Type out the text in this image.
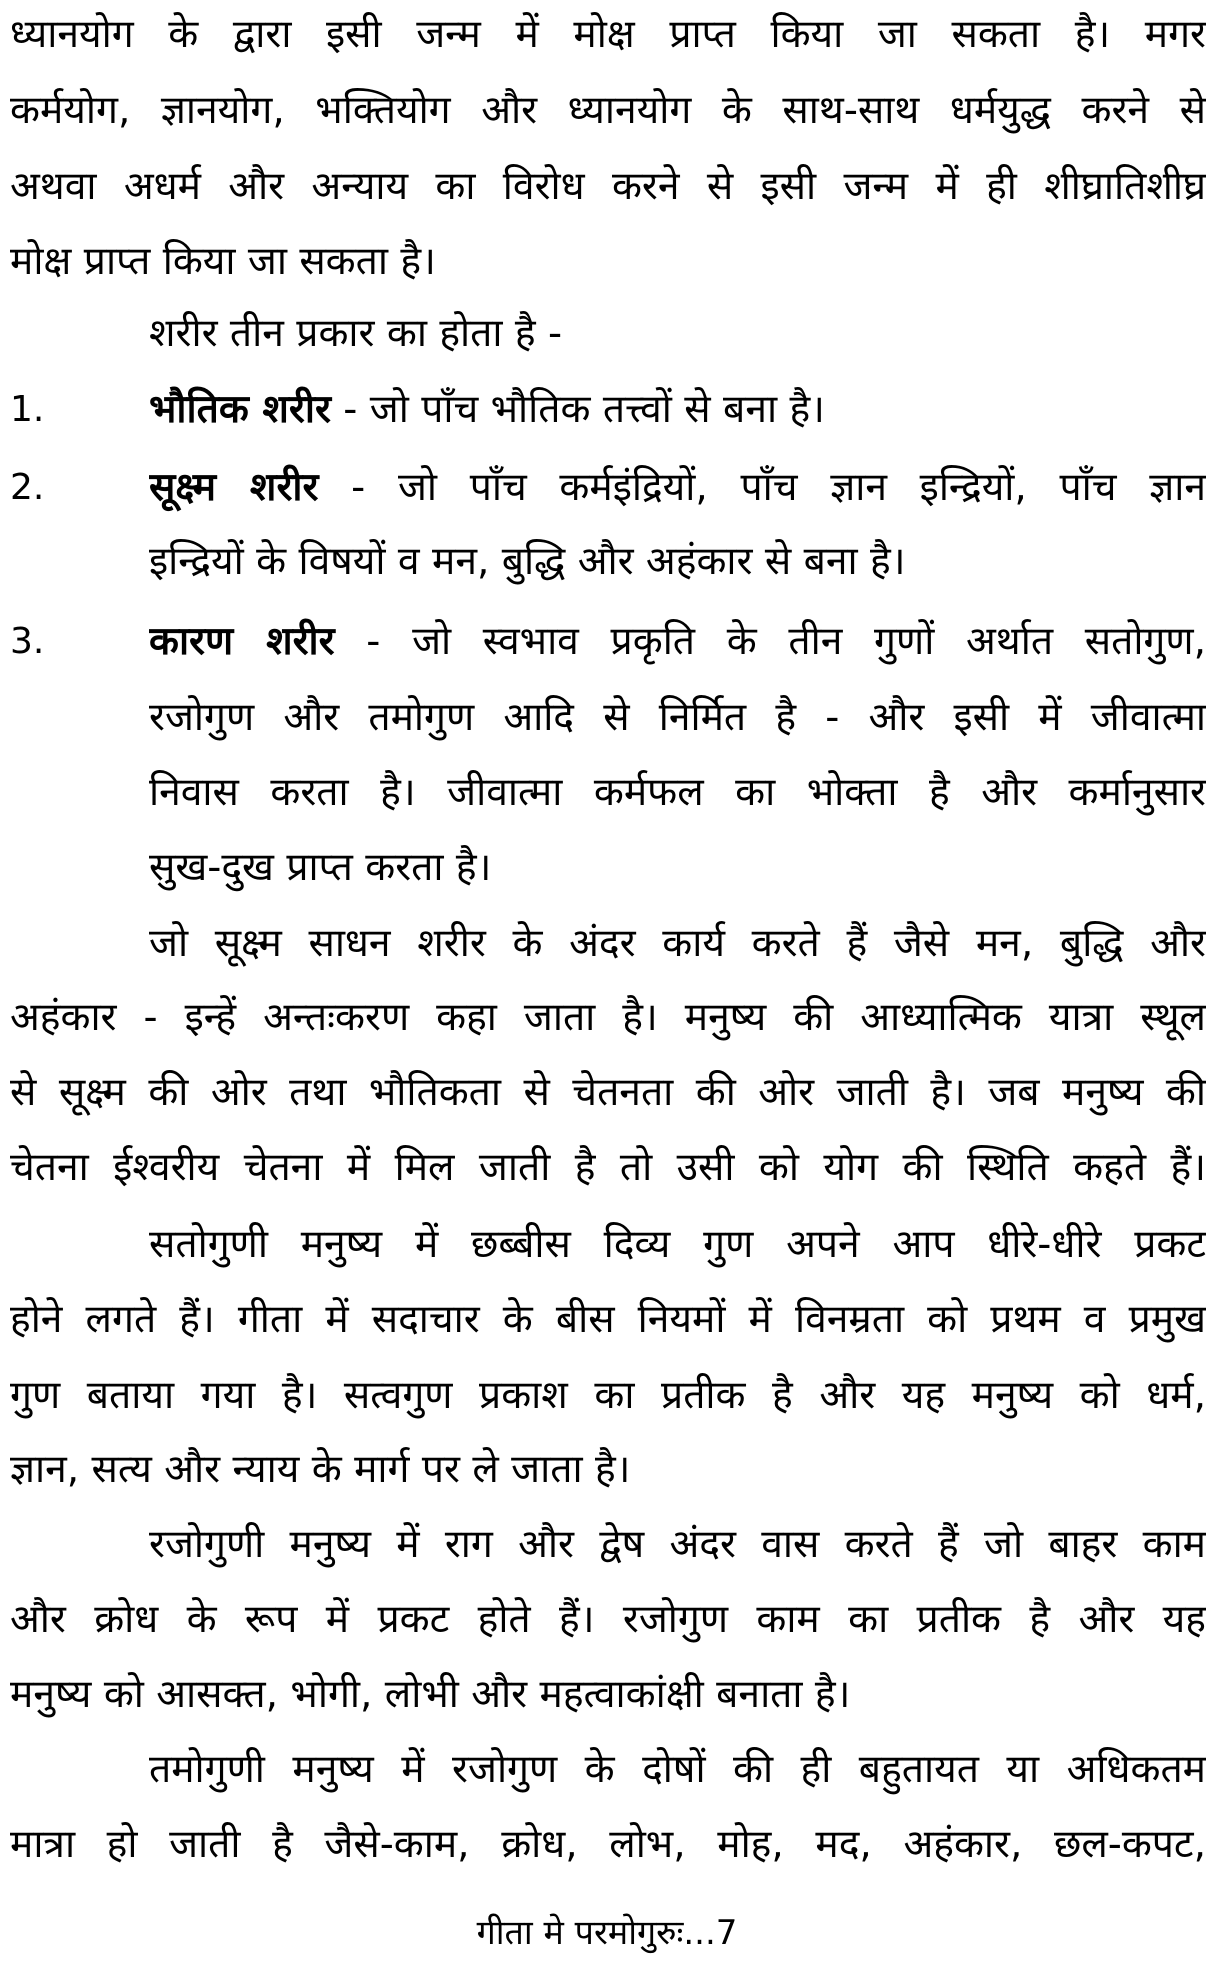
ध्यानयोग के द्वारा इसी जन्म में मोक्ष प्राप्त किया जा सकता है। मगर
कर्मयोग, ज्ञानयोग, भक्तियोग और ध्यानयोग के साथ-साथ धर्मयुद्ध करने से
अथवा अधर्म और अन्याय का विरोध करने से इसी जन्म में ही शीघ्रातिशीघ्र
मोक्ष प्राप्त किया जा सकता है।
शरीर तीन प्रकार का होता है -
1.	भौतिक शरीर - जो पाँच भौतिक तत्त्वों से बना है।
2.	सूक्ष्म शरीर - जो पाँच कर्मइंद्रियों, पाँच ज्ञान इन्द्रियों, पाँच ज्ञान
इन्द्रियों के विषयों व मन, बुद्धि और अहंकार से बना है।
3.	कारण शरीर - जो स्वभाव प्रकृति के तीन गुणों अर्थात सतोगुण,
रजोगुण और तमोगुण आदि से निर्मित है - और इसी में जीवात्मा
निवास करता है। जीवात्मा कर्मफल का भोक्ता है और कर्मानुसार
सुख-दुख प्राप्त करता है।
जो सूक्ष्म साधन शरीर के अंदर कार्य करते हैं जैसे मन, बुद्धि और
अहंकार - इन्हें अन्तःकरण कहा जाता है। मनुष्य की आध्यात्मिक यात्रा स्थूल
से सूक्ष्म की ओर तथा भौतिकता से चेतनता की ओर जाती है। जब मनुष्य की
चेतना ईश्वरीय चेतना में मिल जाती है तो उसी को योग की स्थिति कहते हैं।
सतोगुणी मनुष्य में छब्बीस दिव्य गुण अपने आप धीरे-धीरे प्रकट
होने लगते हैं। गीता में सदाचार के बीस नियमों में विनम्रता को प्रथम व प्रमुख
गुण बताया गया है। सत्वगुण प्रकाश का प्रतीक है और यह मनुष्य को धर्म,
ज्ञान, सत्य और न्याय के मार्ग पर ले जाता है।
रजोगुणी मनुष्य में राग और द्वेष अंदर वास करते हैं जो बाहर काम
और क्रोध के रूप में प्रकट होते हैं। रजोगुण काम का प्रतीक है और यह
मनुष्य को आसक्त, भोगी, लोभी और महत्वाकांक्षी बनाता है।
तमोगुणी मनुष्य में रजोगुण के दोषों की ही बहुतायत या अधिकतम
मात्रा हो जाती है जैसे-काम, क्रोध, लोभ, मोह, मद, अहंकार, छल-कपट,
गीता मे परमोगुरुः...7
